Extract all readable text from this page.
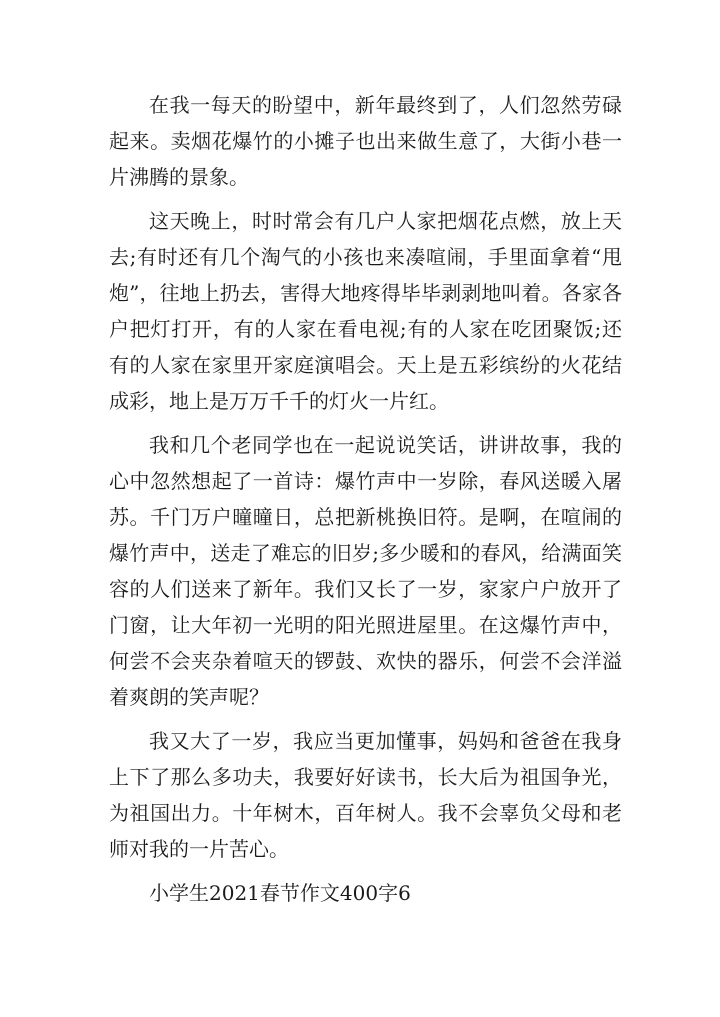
在我一每天的盼望中，新年最终到了，人们忽然劳碌起来。卖烟花爆竹的小摊子也出来做生意了，大街小巷一片沸腾的景象。

这天晚上，时时常会有几户人家把烟花点燃，放上天去;有时还有几个淘气的小孩也来凑喧闹，手里面拿着“甩炮”，往地上扔去，害得大地疼得毕毕剥剥地叫着。各家各户把灯打开，有的人家在看电视;有的人家在吃团聚饭;还有的人家在家里开家庭演唱会。天上是五彩缤纷的火花结成彩，地上是万万千千的灯火一片红。

我和几个老同学也在一起说说笑话，讲讲故事，我的心中忽然想起了一首诗：爆竹声中一岁除，春风送暖入屠苏。千门万户曈曈日，总把新桃换旧符。是啊，在喧闹的爆竹声中，送走了难忘的旧岁;多少暖和的春风，给满面笑容的人们送来了新年。我们又长了一岁，家家户户放开了门窗，让大年初一光明的阳光照进屋里。在这爆竹声中，何尝不会夹杂着喧天的锣鼓、欢快的器乐，何尝不会洋溢着爽朗的笑声呢？

我又大了一岁，我应当更加懂事，妈妈和爸爸在我身上下了那么多功夫，我要好好读书，长大后为祖国争光，为祖国出力。十年树木，百年树人。我不会辜负父母和老师对我的一片苦心。

小学生2021春节作文400字6
